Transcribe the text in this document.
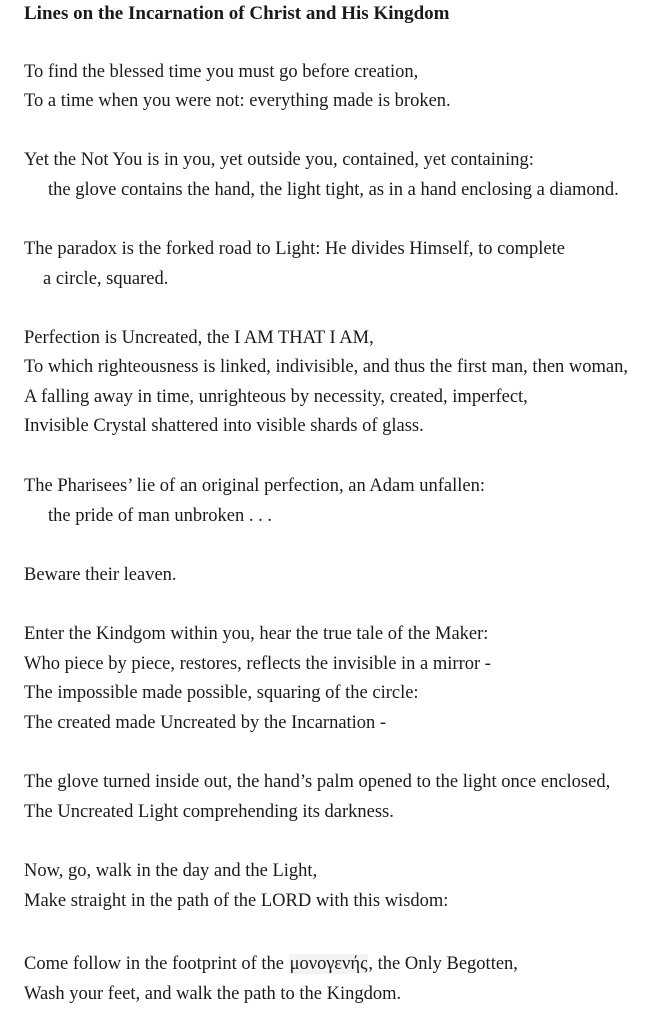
Lines on the Incarnation of Christ and His Kingdom
To find the blessed time you must go before creation,
To a time when you were not: everything made is broken.
Yet the Not You is in you, yet outside you, contained, yet containing:
the glove contains the hand, the light tight, as in a hand enclosing a diamond.
The paradox is the forked road to Light: He divides Himself, to complete
a circle, squared.
Perfection is Uncreated, the I AM THAT I AM,
To which righteousness is linked, indivisible, and thus the first man, then woman,
A falling away in time, unrighteous by necessity, created, imperfect,
Invisible Crystal shattered into visible shards of glass.
The Pharisees’ lie of an original perfection, an Adam unfallen:
the pride of man unbroken . . .
Beware their leaven.
Enter the Kindgom within you, hear the true tale of the Maker:
Who piece by piece, restores, reflects the invisible in a mirror -
The impossible made possible, squaring of the circle:
The created made Uncreated by the Incarnation -
The glove turned inside out, the hand’s palm opened to the light once enclosed,
The Uncreated Light comprehending its darkness.
Now, go, walk in the day and the Light,
Make straight in the path of the LORD with this wisdom:
Come follow in the footprint of the μονογενής, the Only Begotten,
Wash your feet, and walk the path to the Kingdom.
